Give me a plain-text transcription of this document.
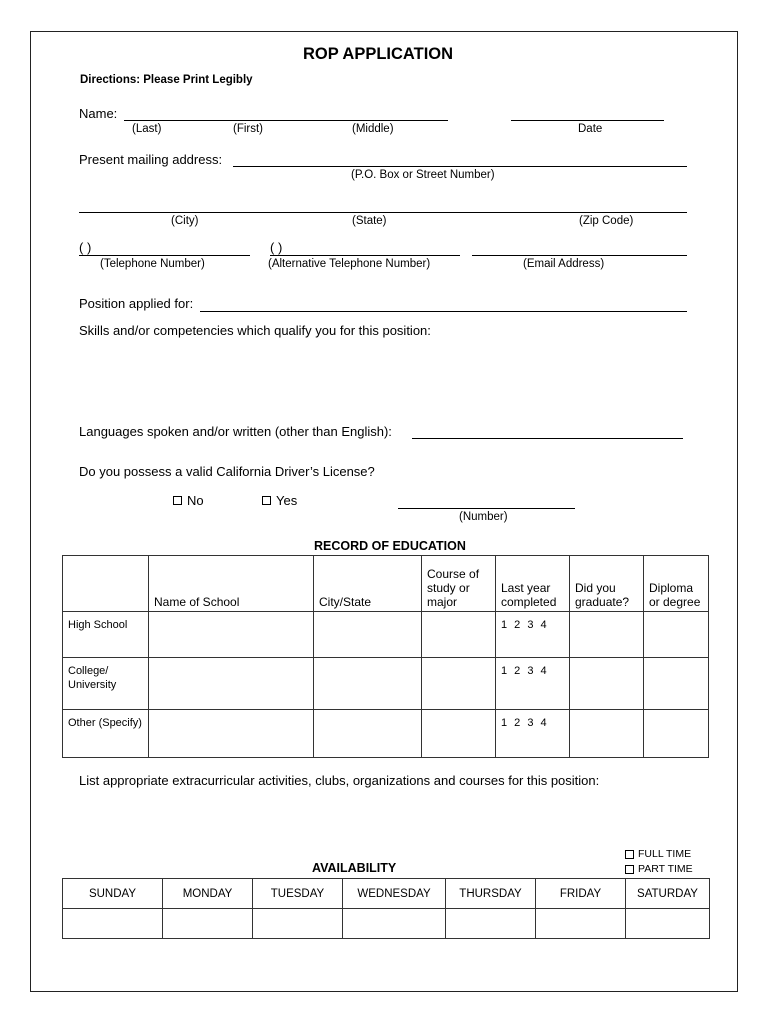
ROP APPLICATION
Directions: Please Print Legibly
Name:
(Last)	(First)	(Middle)	Date
Present mailing address:
(P.O. Box or Street Number)
(City)	(State)	(Zip Code)
( )	( )
(Telephone Number)	(Alternative Telephone Number)	(Email Address)
Position applied for:
Skills and/or competencies which qualify you for this position:
Languages spoken and/or written (other than English):
Do you possess a valid California Driver’s License?
No	Yes
(Number)
RECORD OF EDUCATION
	Name of School	City/State	Course of study or major	Last year completed	Did you graduate?	Diploma or degree
High School				1 2 3 4		
College/ University				1 2 3 4		
Other (Specify)				1 2 3 4		
List appropriate extracurricular activities, clubs, organizations and courses for this position:
FULL TIME
PART TIME
AVAILABILITY
SUNDAY	MONDAY	TUESDAY	WEDNESDAY	THURSDAY	FRIDAY	SATURDAY
